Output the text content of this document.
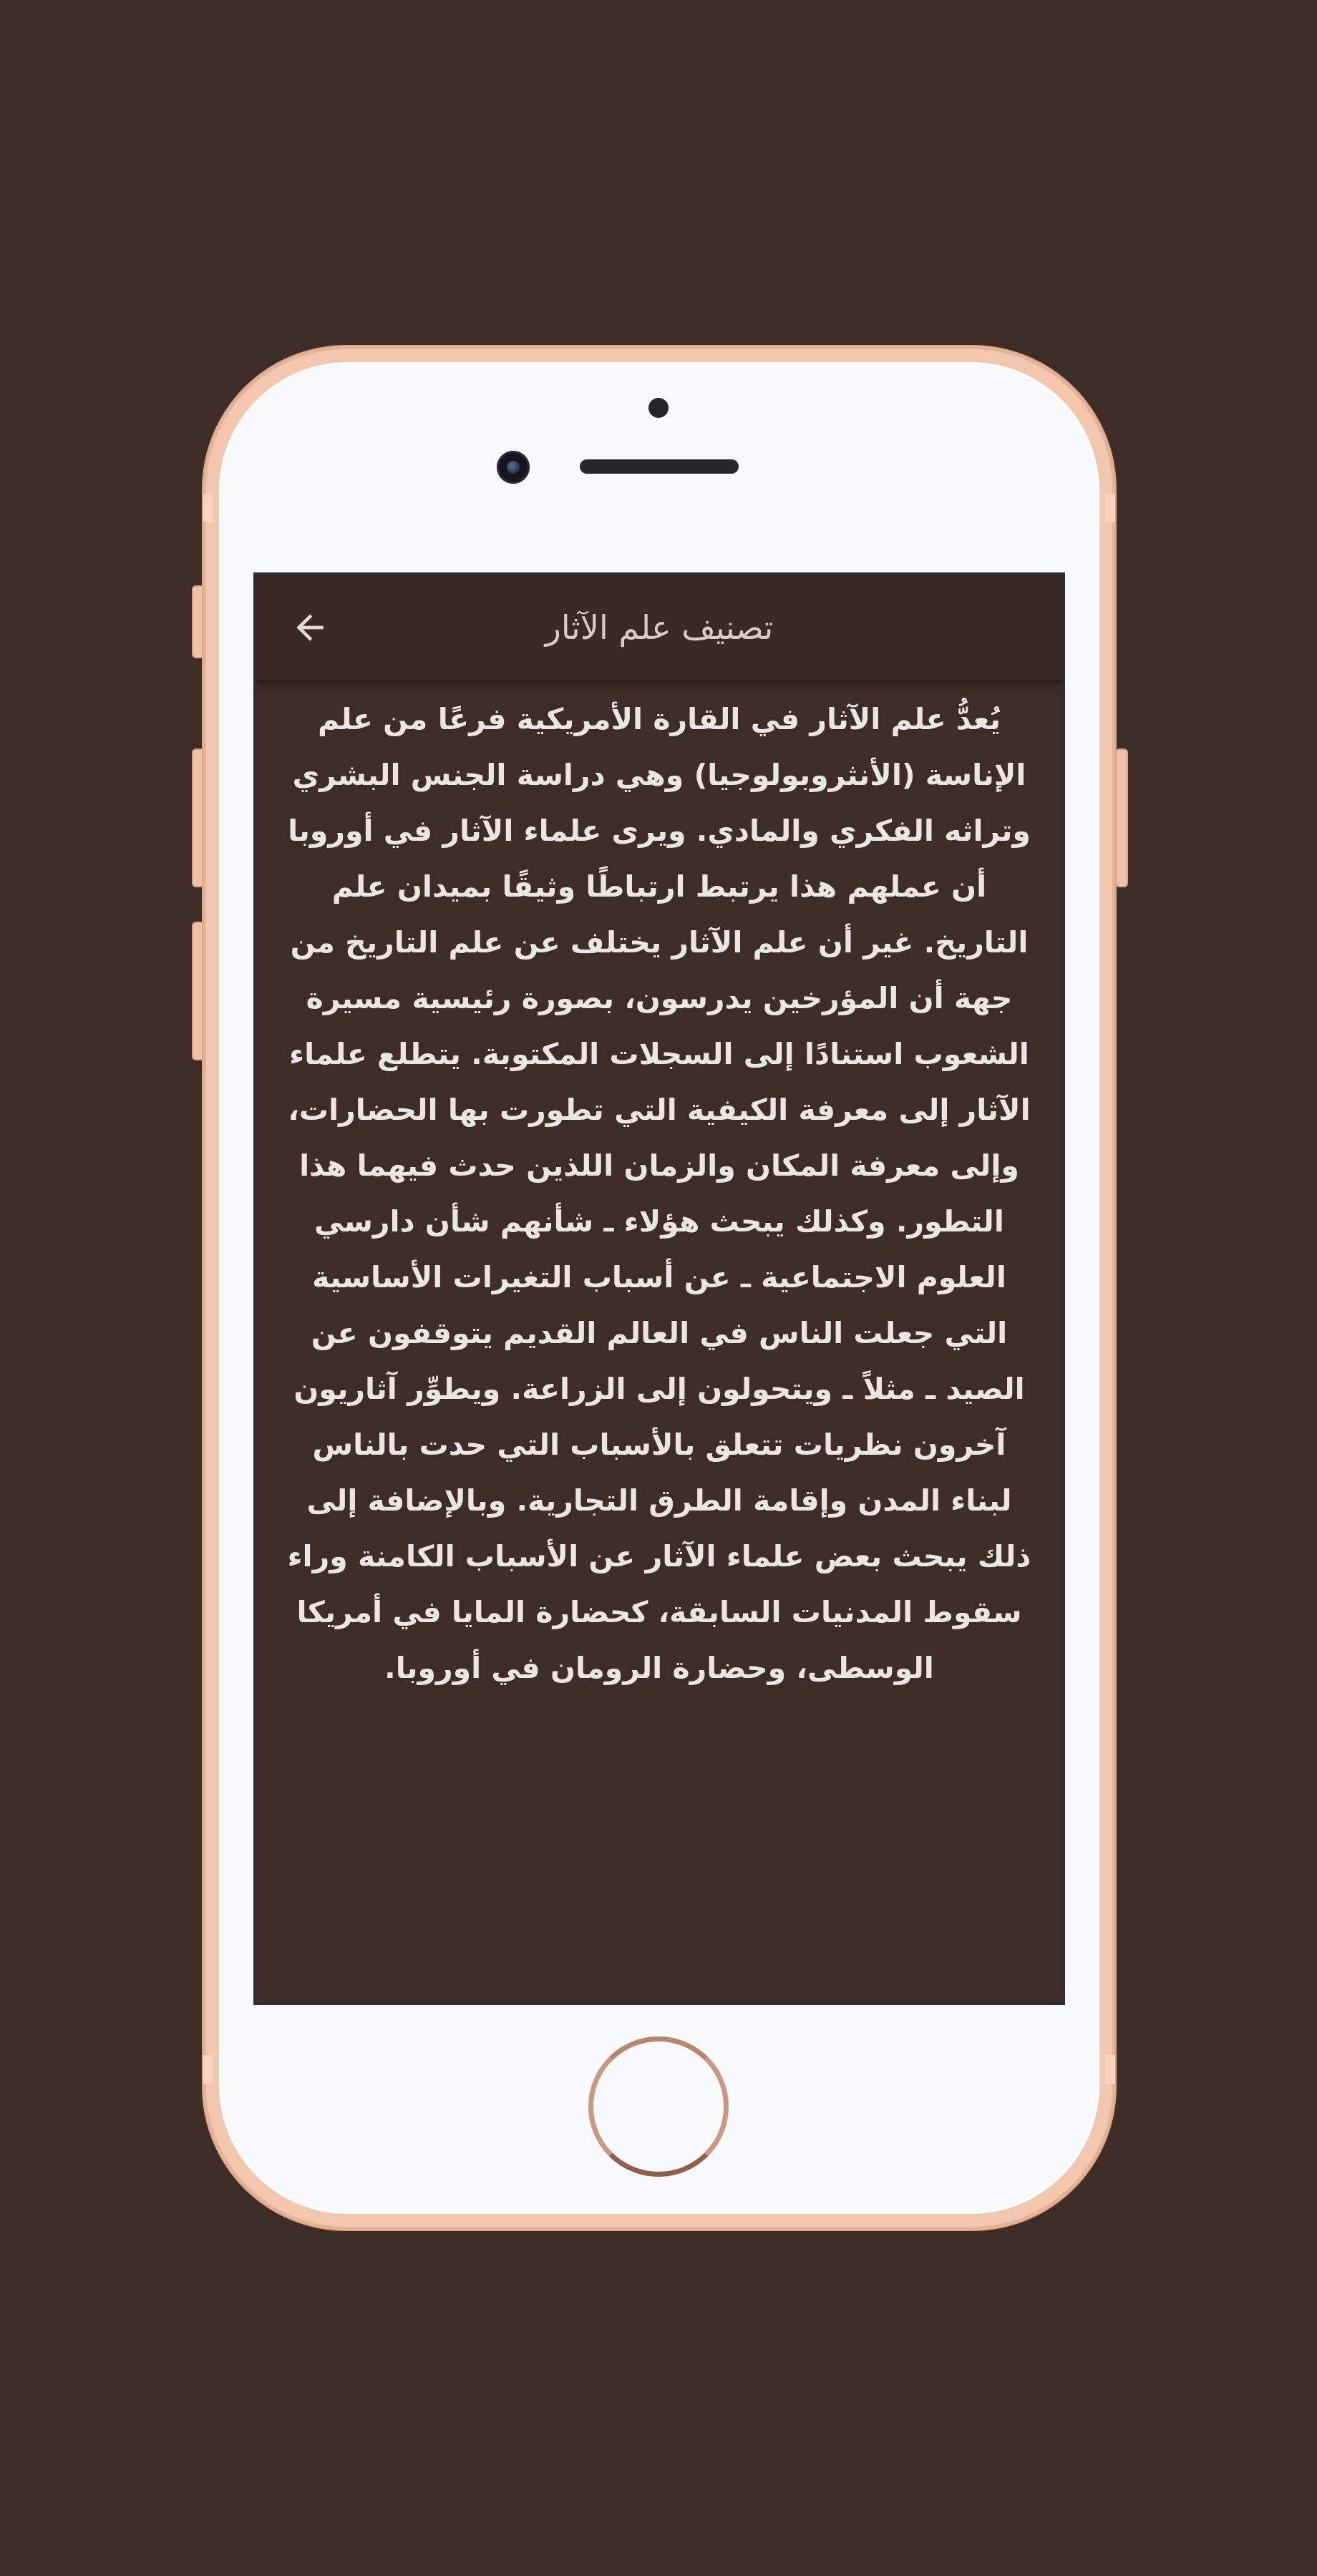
تصنيف علم الآثار
يُعدُّ علم الآثار في القارة الأمريكية فرعًا من علم الإناسة (الأنثروبولوجيا) وهي دراسة الجنس البشري وتراثه الفكري والمادي. ويرى علماء الآثار في أوروبا أن عملهم هذا يرتبط ارتباطًا وثيقًا بميدان علم التاريخ. غير أن علم الآثار يختلف عن علم التاريخ من جهة أن المؤرخين يدرسون، بصورة رئيسية مسيرة الشعوب استنادًا إلى السجلات المكتوبة. يتطلع علماء الآثار إلى معرفة الكيفية التي تطورت بها الحضارات، وإلى معرفة المكان والزمان اللذين حدث فيهما هذا التطور. وكذلك يبحث هؤلاء ـ شأنهم شأن دارسي العلوم الاجتماعية ـ عن أسباب التغيرات الأساسية التي جعلت الناس في العالم القديم يتوقفون عن الصيد ـ مثلاً ـ ويتحولون إلى الزراعة. ويطوِّر آثاريون آخرون نظريات تتعلق بالأسباب التي حدت بالناس لبناء المدن وإقامة الطرق التجارية. وبالإضافة إلى ذلك يبحث بعض علماء الآثار عن الأسباب الكامنة وراء سقوط المدنيات السابقة، كحضارة المايا في أمريكا الوسطى، وحضارة الرومان في أوروبا.
